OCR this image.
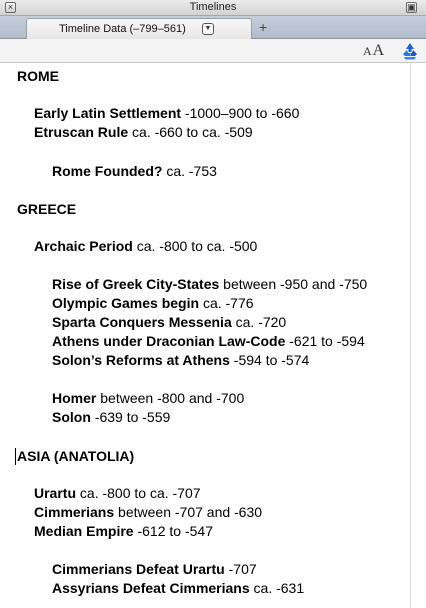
×	Timelines	▣
Timeline Data (–799–561)	▼	+
AA
ROME
Early Latin Settlement -1000–900 to -660
Etruscan Rule ca. -660 to ca. -509
Rome Founded? ca. -753
GREECE
Archaic Period ca. -800 to ca. -500
Rise of Greek City-States between -950 and -750
Olympic Games begin ca. -776
Sparta Conquers Messenia ca. -720
Athens under Draconian Law-Code -621 to -594
Solon’s Reforms at Athens -594 to -574
Homer between -800 and -700
Solon -639 to -559
ASIA (ANATOLIA)
Urartu ca. -800 to ca. -707
Cimmerians between -707 and -630
Median Empire -612 to -547
Cimmerians Defeat Urartu -707
Assyrians Defeat Cimmerians ca. -631
